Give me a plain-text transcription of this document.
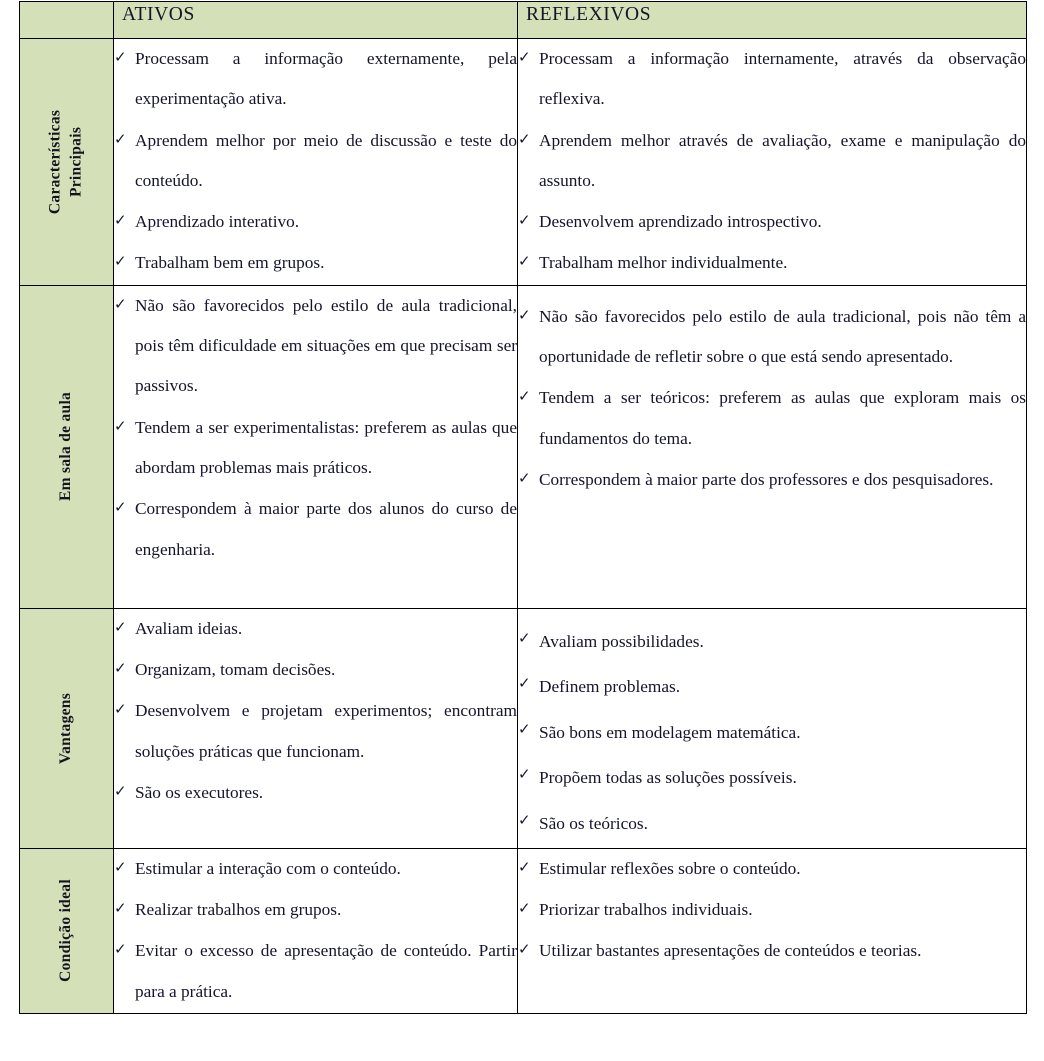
	ATIVOS	REFLEXIVOS

Características Principais

✓ Processam a informação externamente, pela experimentação ativa.
✓ Aprendem melhor por meio de discussão e teste do conteúdo.
✓ Aprendizado interativo.
✓ Trabalham bem em grupos.

✓ Processam a informação internamente, através da observação reflexiva.
✓ Aprendem melhor através de avaliação, exame e manipulação do assunto.
✓ Desenvolvem aprendizado introspectivo.
✓ Trabalham melhor individualmente.

Em sala de aula

✓ Não são favorecidos pelo estilo de aula tradicional, pois têm dificuldade em situações em que precisam ser passivos.
✓ Tendem a ser experimentalistas: preferem as aulas que abordam problemas mais práticos.
✓ Correspondem à maior parte dos alunos do curso de engenharia.

✓ Não são favorecidos pelo estilo de aula tradicional, pois não têm a oportunidade de refletir sobre o que está sendo apresentado.
✓ Tendem a ser teóricos: preferem as aulas que exploram mais os fundamentos do tema.
✓ Correspondem à maior parte dos professores e dos pesquisadores.

Vantagens

✓ Avaliam ideias.
✓ Organizam, tomam decisões.
✓ Desenvolvem e projetam experimentos; encontram soluções práticas que funcionam.
✓ São os executores.

✓ Avaliam possibilidades.
✓ Definem problemas.
✓ São bons em modelagem matemática.
✓ Propõem todas as soluções possíveis.
✓ São os teóricos.

Condição ideal

✓ Estimular a interação com o conteúdo.
✓ Realizar trabalhos em grupos.
✓ Evitar o excesso de apresentação de conteúdo. Partir para a prática.

✓ Estimular reflexões sobre o conteúdo.
✓ Priorizar trabalhos individuais.
✓ Utilizar bastantes apresentações de conteúdos e teorias.
